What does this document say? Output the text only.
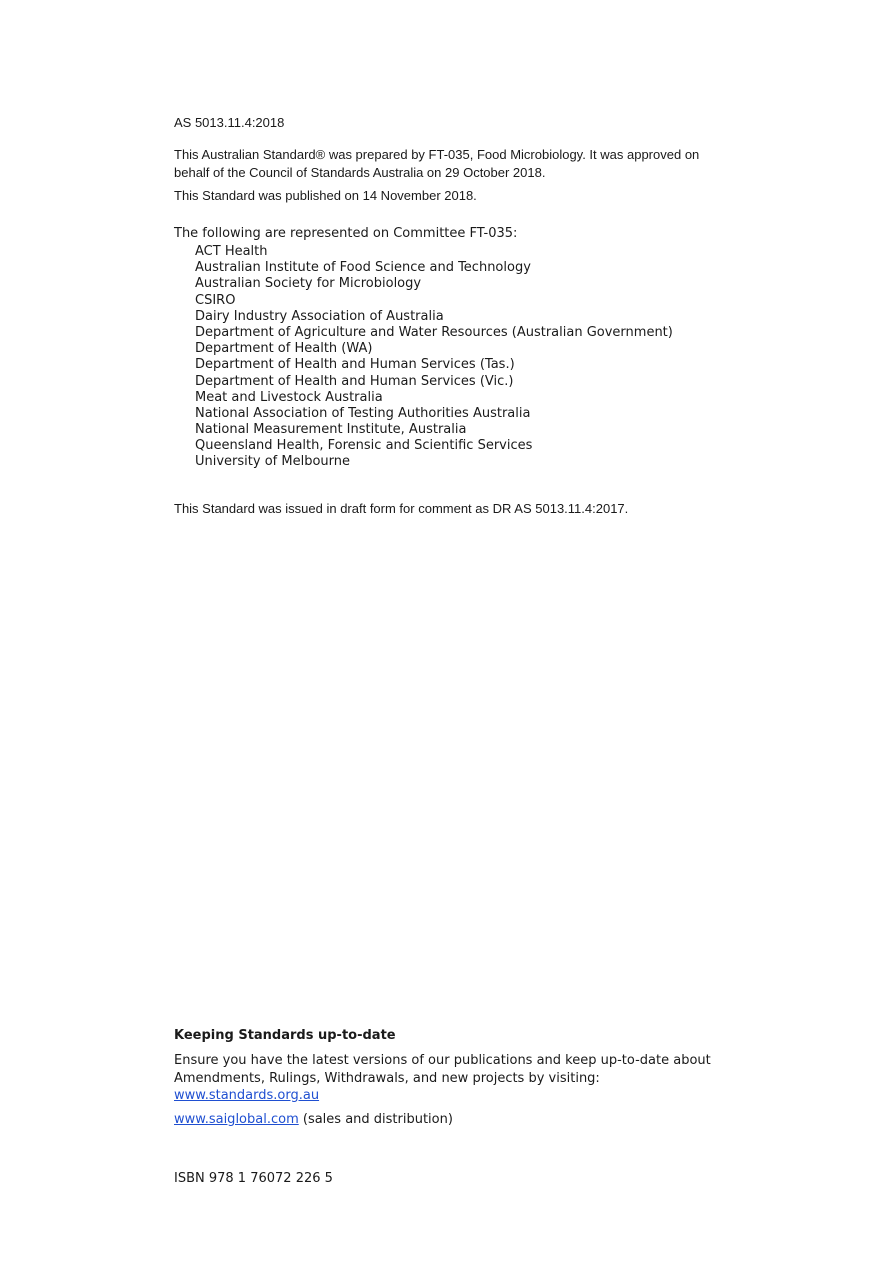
AS 5013.11.4:2018

This Australian Standard® was prepared by FT-035, Food Microbiology. It was approved on behalf of the Council of Standards Australia on 29 October 2018.

This Standard was published on 14 November 2018.

The following are represented on Committee FT-035:

ACT Health
Australian Institute of Food Science and Technology
Australian Society for Microbiology
CSIRO
Dairy Industry Association of Australia
Department of Agriculture and Water Resources (Australian Government)
Department of Health (WA)
Department of Health and Human Services (Tas.)
Department of Health and Human Services (Vic.)
Meat and Livestock Australia
National Association of Testing Authorities Australia
National Measurement Institute, Australia
Queensland Health, Forensic and Scientific Services
University of Melbourne

This Standard was issued in draft form for comment as DR AS 5013.11.4:2017.

Keeping Standards up-to-date

Ensure you have the latest versions of our publications and keep up-to-date about Amendments, Rulings, Withdrawals, and new projects by visiting:

www.standards.org.au

www.saiglobal.com (sales and distribution)

ISBN 978 1 76072 226 5
